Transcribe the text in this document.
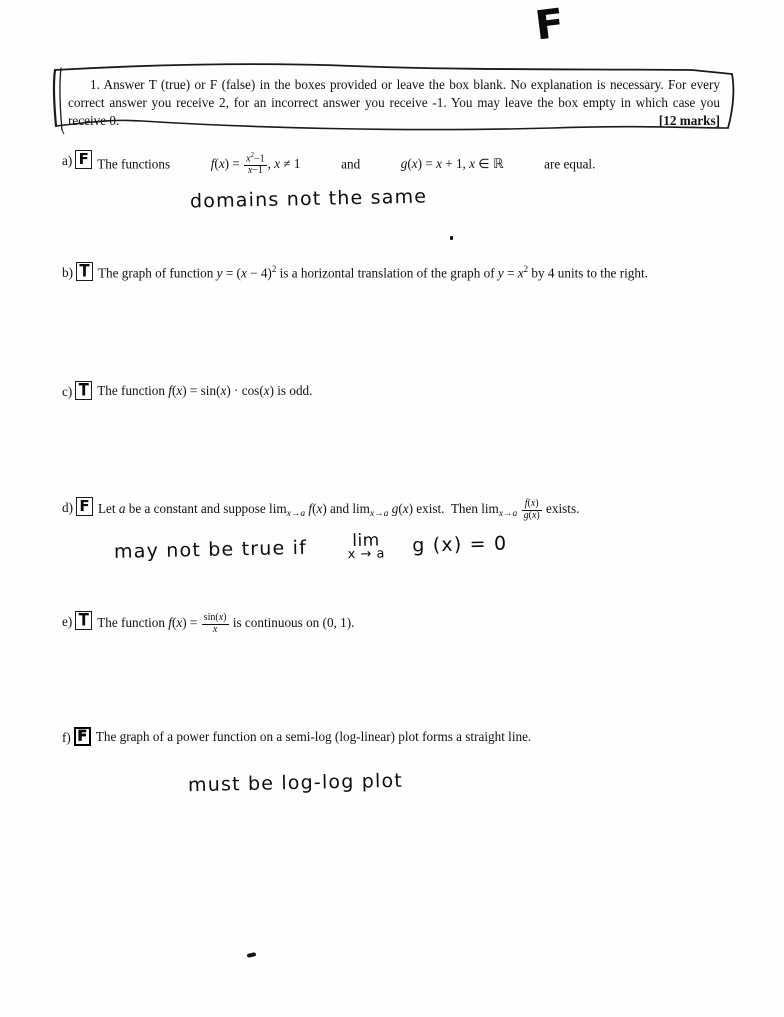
F
1. Answer T (true) or F (false) in the boxes provided or leave the box blank. No explanation is necessary. For every correct answer you receive 2, for an incorrect answer you receive -1. You may leave the box empty in which case you receive 0.	[12 marks]
a) F The functions	$f(x) = \frac{x^2-1}{x-1}$ , x ≠ 1	and	g(x) = x + 1, x ∈ ℝ	are equal.
domains not the same
b) T The graph of function $y = (x - 4)^2$ is a horizontal translation of the graph of $y = x^2$ by 4 units to the right.
c) T The function f(x) = sin(x) · cos(x) is odd.
d) F Let a be a constant and suppose $\lim_{x\to a} f(x)$ and $\lim_{x\to a} g(x)$ exist.  Then $\lim_{x\to a} \frac{f(x)}{g(x)}$ exists.
may not be true if	lim
x → a g (x) = 0
e) T The function $f(x) = \frac{\sin(x)}{x}$ is continuous on (0, 1).
f) F The graph of a power function on a semi-log (log-linear) plot forms a straight line.
must be log-log plot
